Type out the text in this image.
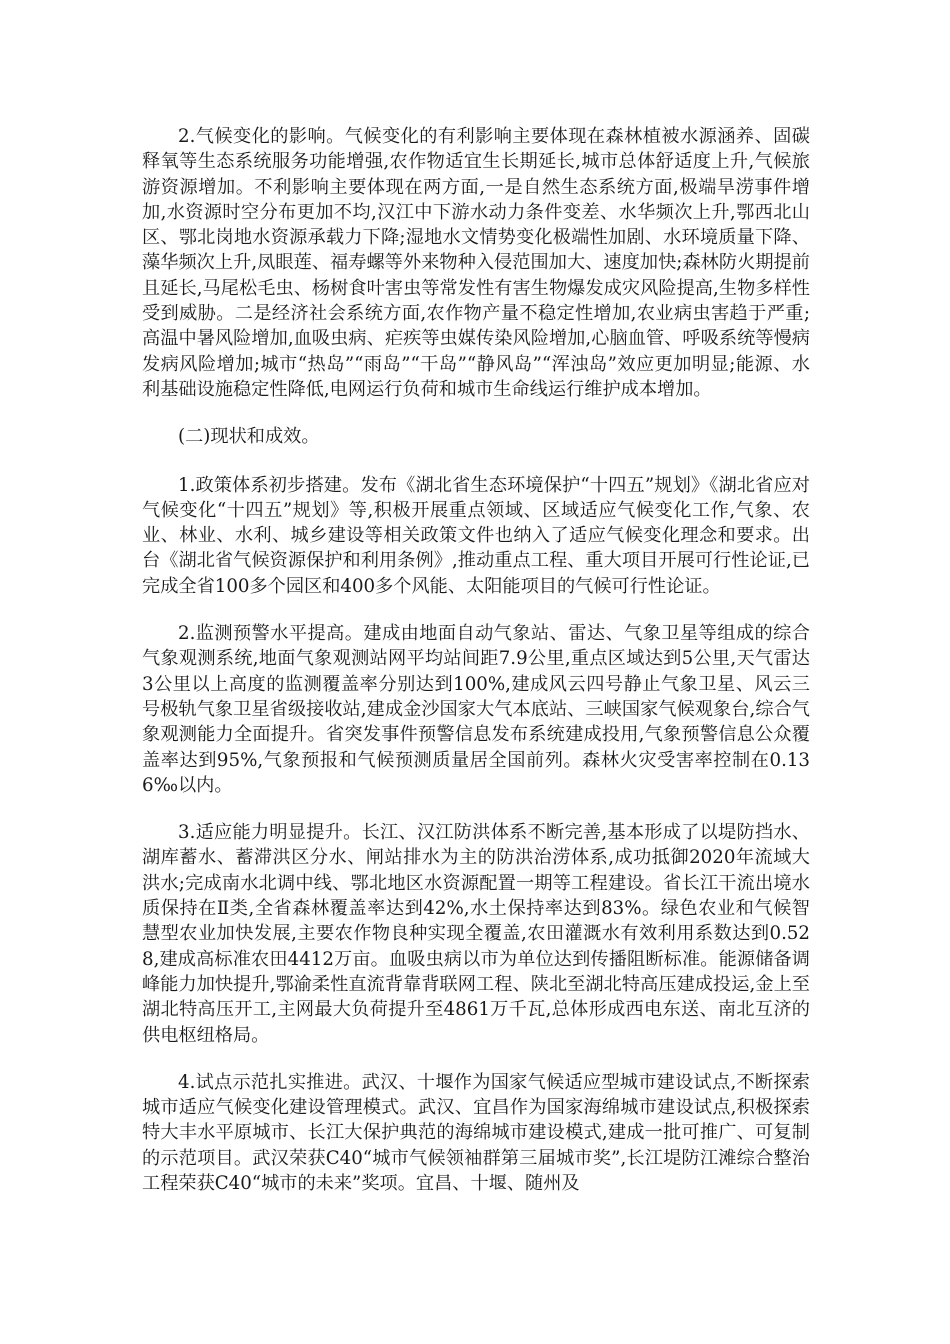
2.气候变化的影响。气候变化的有利影响主要体现在森林植被水源涵养、固碳释氧等生态系统服务功能增强,农作物适宜生长期延长,城市总体舒适度上升,气候旅游资源增加。不利影响主要体现在两方面,一是自然生态系统方面,极端旱涝事件增加,水资源时空分布更加不均,汉江中下游水动力条件变差、水华频次上升,鄂西北山区、鄂北岗地水资源承载力下降;湿地水文情势变化极端性加剧、水环境质量下降、藻华频次上升,凤眼莲、福寿螺等外来物种入侵范围加大、速度加快;森林防火期提前且延长,马尾松毛虫、杨树食叶害虫等常发性有害生物爆发成灾风险提高,生物多样性受到威胁。二是经济社会系统方面,农作物产量不稳定性增加,农业病虫害趋于严重;高温中暑风险增加,血吸虫病、疟疾等虫媒传染风险增加,心脑血管、呼吸系统等慢病发病风险增加;城市“热岛”“雨岛”“干岛”“静风岛”“浑浊岛”效应更加明显;能源、水利基础设施稳定性降低,电网运行负荷和城市生命线运行维护成本增加。

(二)现状和成效。

1.政策体系初步搭建。发布《湖北省生态环境保护“十四五”规划》《湖北省应对气候变化“十四五”规划》等,积极开展重点领域、区域适应气候变化工作,气象、农业、林业、水利、城乡建设等相关政策文件也纳入了适应气候变化理念和要求。出台《湖北省气候资源保护和利用条例》,推动重点工程、重大项目开展可行性论证,已完成全省100多个园区和400多个风能、太阳能项目的气候可行性论证。

2.监测预警水平提高。建成由地面自动气象站、雷达、气象卫星等组成的综合气象观测系统,地面气象观测站网平均站间距7.9公里,重点区域达到5公里,天气雷达3公里以上高度的监测覆盖率分别达到100%,建成风云四号静止气象卫星、风云三号极轨气象卫星省级接收站,建成金沙国家大气本底站、三峡国家气候观象台,综合气象观测能力全面提升。省突发事件预警信息发布系统建成投用,气象预警信息公众覆盖率达到95%,气象预报和气候预测质量居全国前列。森林火灾受害率控制在0.136‰以内。

3.适应能力明显提升。长江、汉江防洪体系不断完善,基本形成了以堤防挡水、湖库蓄水、蓄滞洪区分水、闸站排水为主的防洪治涝体系,成功抵御2020年流域大洪水;完成南水北调中线、鄂北地区水资源配置一期等工程建设。省长江干流出境水质保持在Ⅱ类,全省森林覆盖率达到42%,水土保持率达到83%。绿色农业和气候智慧型农业加快发展,主要农作物良种实现全覆盖,农田灌溉水有效利用系数达到0.528,建成高标准农田4412万亩。血吸虫病以市为单位达到传播阻断标准。能源储备调峰能力加快提升,鄂渝柔性直流背靠背联网工程、陕北至湖北特高压建成投运,金上至湖北特高压开工,主网最大负荷提升至4861万千瓦,总体形成西电东送、南北互济的供电枢纽格局。

4.试点示范扎实推进。武汉、十堰作为国家气候适应型城市建设试点,不断探索城市适应气候变化建设管理模式。武汉、宜昌作为国家海绵城市建设试点,积极探索特大丰水平原城市、长江大保护典范的海绵城市建设模式,建成一批可推广、可复制的示范项目。武汉荣获C40“城市气候领袖群第三届城市奖”,长江堤防江滩综合整治工程荣获C40“城市的未来”奖项。宜昌、十堰、随州及
